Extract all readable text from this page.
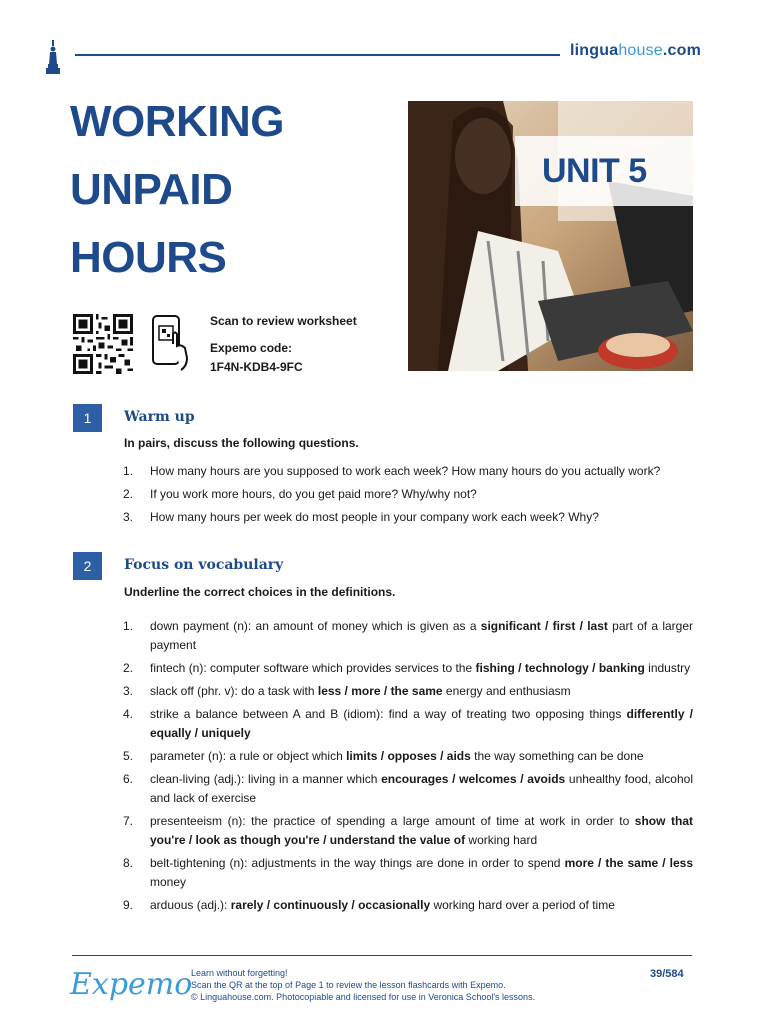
linguahouse.com
WORKING
UNPAID
HOURS
Scan to review worksheet
Expemo code:
1F4N-KDB4-9FC
UNIT 5
1	Warm up
In pairs, discuss the following questions.
1. How many hours are you supposed to work each week? How many hours do you actually work?
2. If you work more hours, do you get paid more? Why/why not?
3. How many hours per week do most people in your company work each week? Why?
2	Focus on vocabulary
Underline the correct choices in the definitions.
1. down payment (n): an amount of money which is given as a significant / first / last part of a larger payment
2. fintech (n): computer software which provides services to the fishing / technology / banking industry
3. slack off (phr. v): do a task with less / more / the same energy and enthusiasm
4. strike a balance between A and B (idiom): find a way of treating two opposing things differently / equally / uniquely
5. parameter (n): a rule or object which limits / opposes / aids the way something can be done
6. clean-living (adj.): living in a manner which encourages / welcomes / avoids unhealthy food, alcohol and lack of exercise
7. presenteeism (n): the practice of spending a large amount of time at work in order to show that you're / look as though you're / understand the value of working hard
8. belt-tightening (n): adjustments in the way things are done in order to spend more / the same / less money
9. arduous (adj.): rarely / continuously / occasionally working hard over a period of time
Expemo
Learn without forgetting!
Scan the QR at the top of Page 1 to review the lesson flashcards with Expemo.
© Linguahouse.com. Photocopiable and licensed for use in Veronica School's lessons.
39/584
